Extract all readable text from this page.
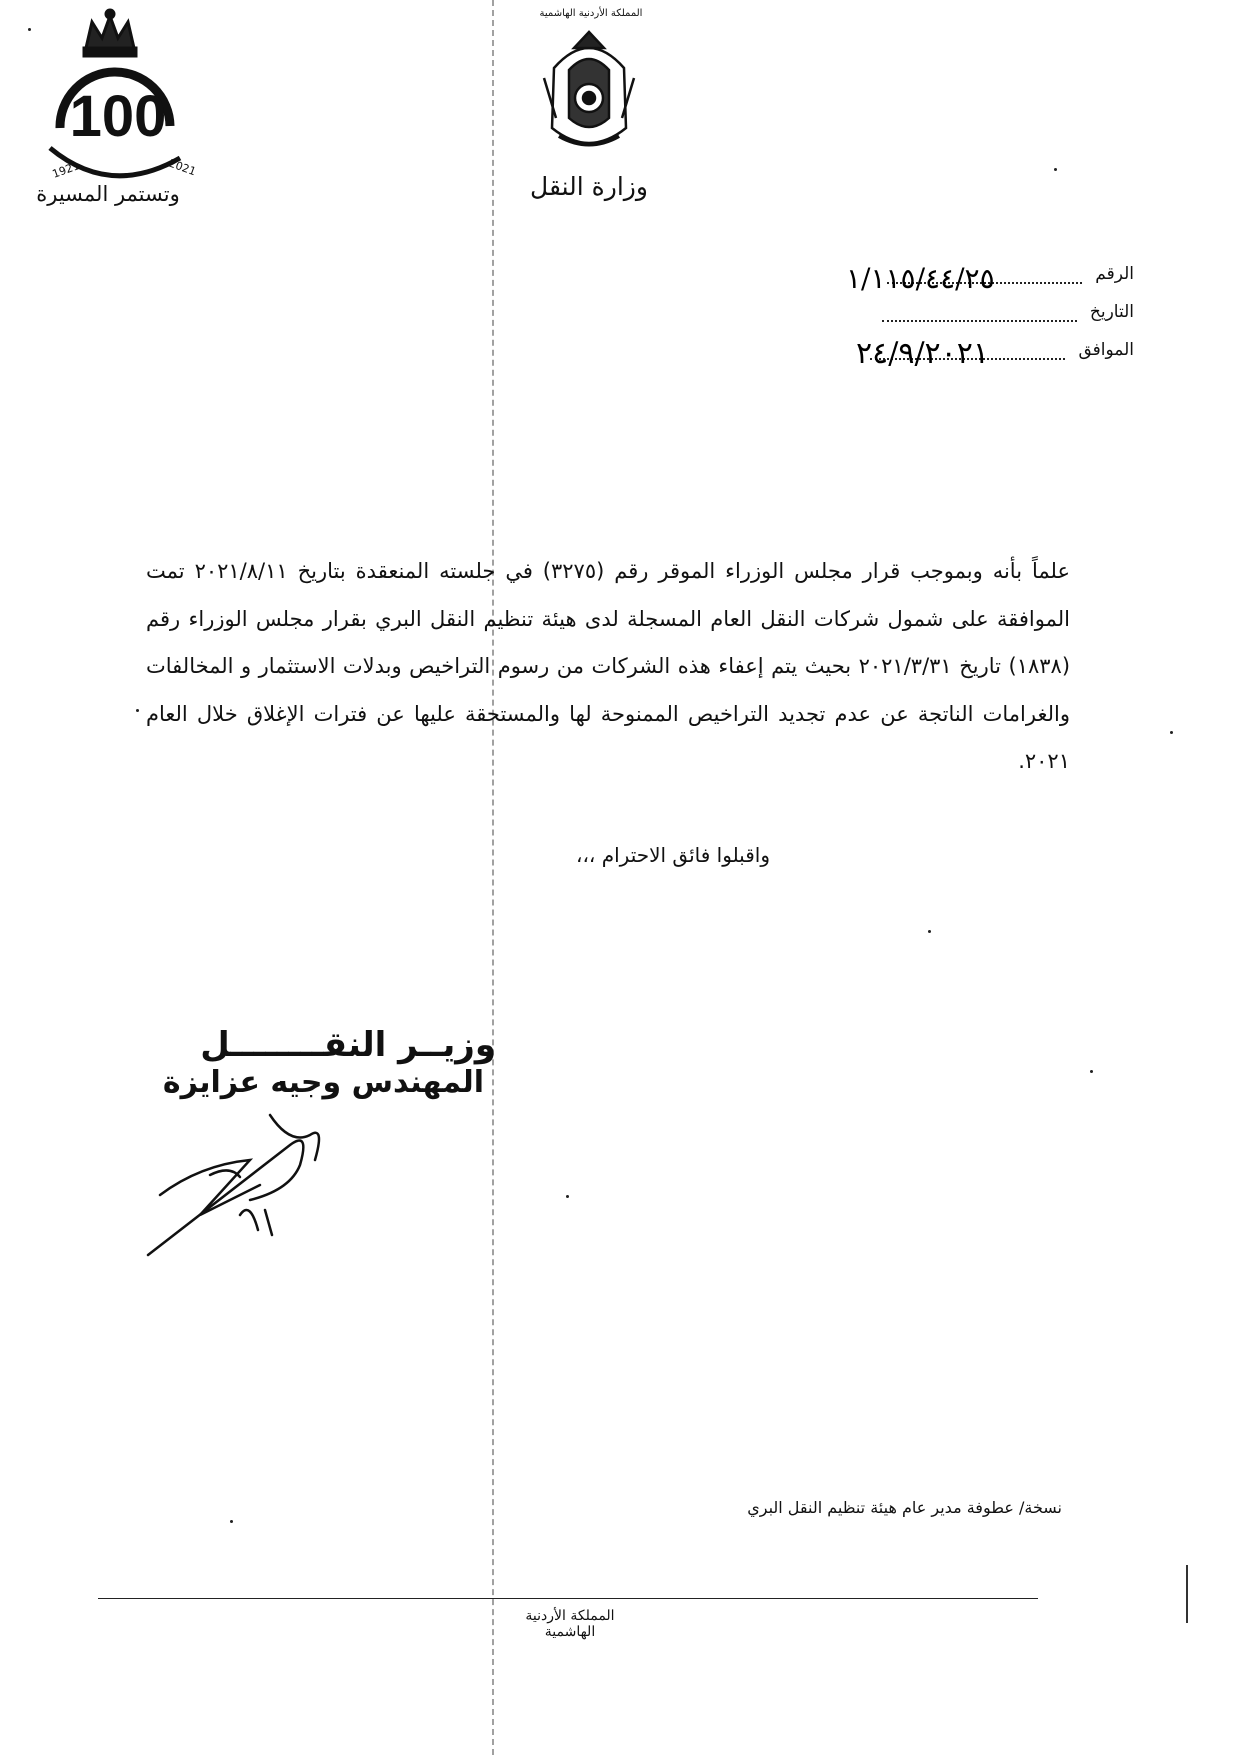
100
1921	2021
وتستمر المسيرة
المملكة الأردنية الهاشمية
وزارة النقل
الرقم
١/١١٥/٤٤/٢٥
التاريخ
الموافق
٢٤/٩/٢٠٢١

علماً بأنه وبموجب قرار مجلس الوزراء الموقر رقم (٣٢٧٥) في جلسته المنعقدة بتاريخ ٢٠٢١/٨/١١ تمت الموافقة على شمول شركات النقل العام المسجلة لدى هيئة تنظيم النقل البري بقرار مجلس الوزراء رقم (١٨٣٨) تاريخ ٢٠٢١/٣/٣١ بحيث يتم إعفاء هذه الشركات من رسوم التراخيص وبدلات الاستثمار و المخالفات والغرامات الناتجة عن عدم تجديد التراخيص الممنوحة لها والمستحقة عليها عن فترات الإغلاق خلال العام ٢٠٢١.

واقبلوا فائق الاحترام ،،،
وزيــر النقــــــــل
المهندس وجيه عزايزة
نسخة/ عطوفة مدير عام هيئة تنظيم النقل البري
المملكة الأردنية الهاشمية
